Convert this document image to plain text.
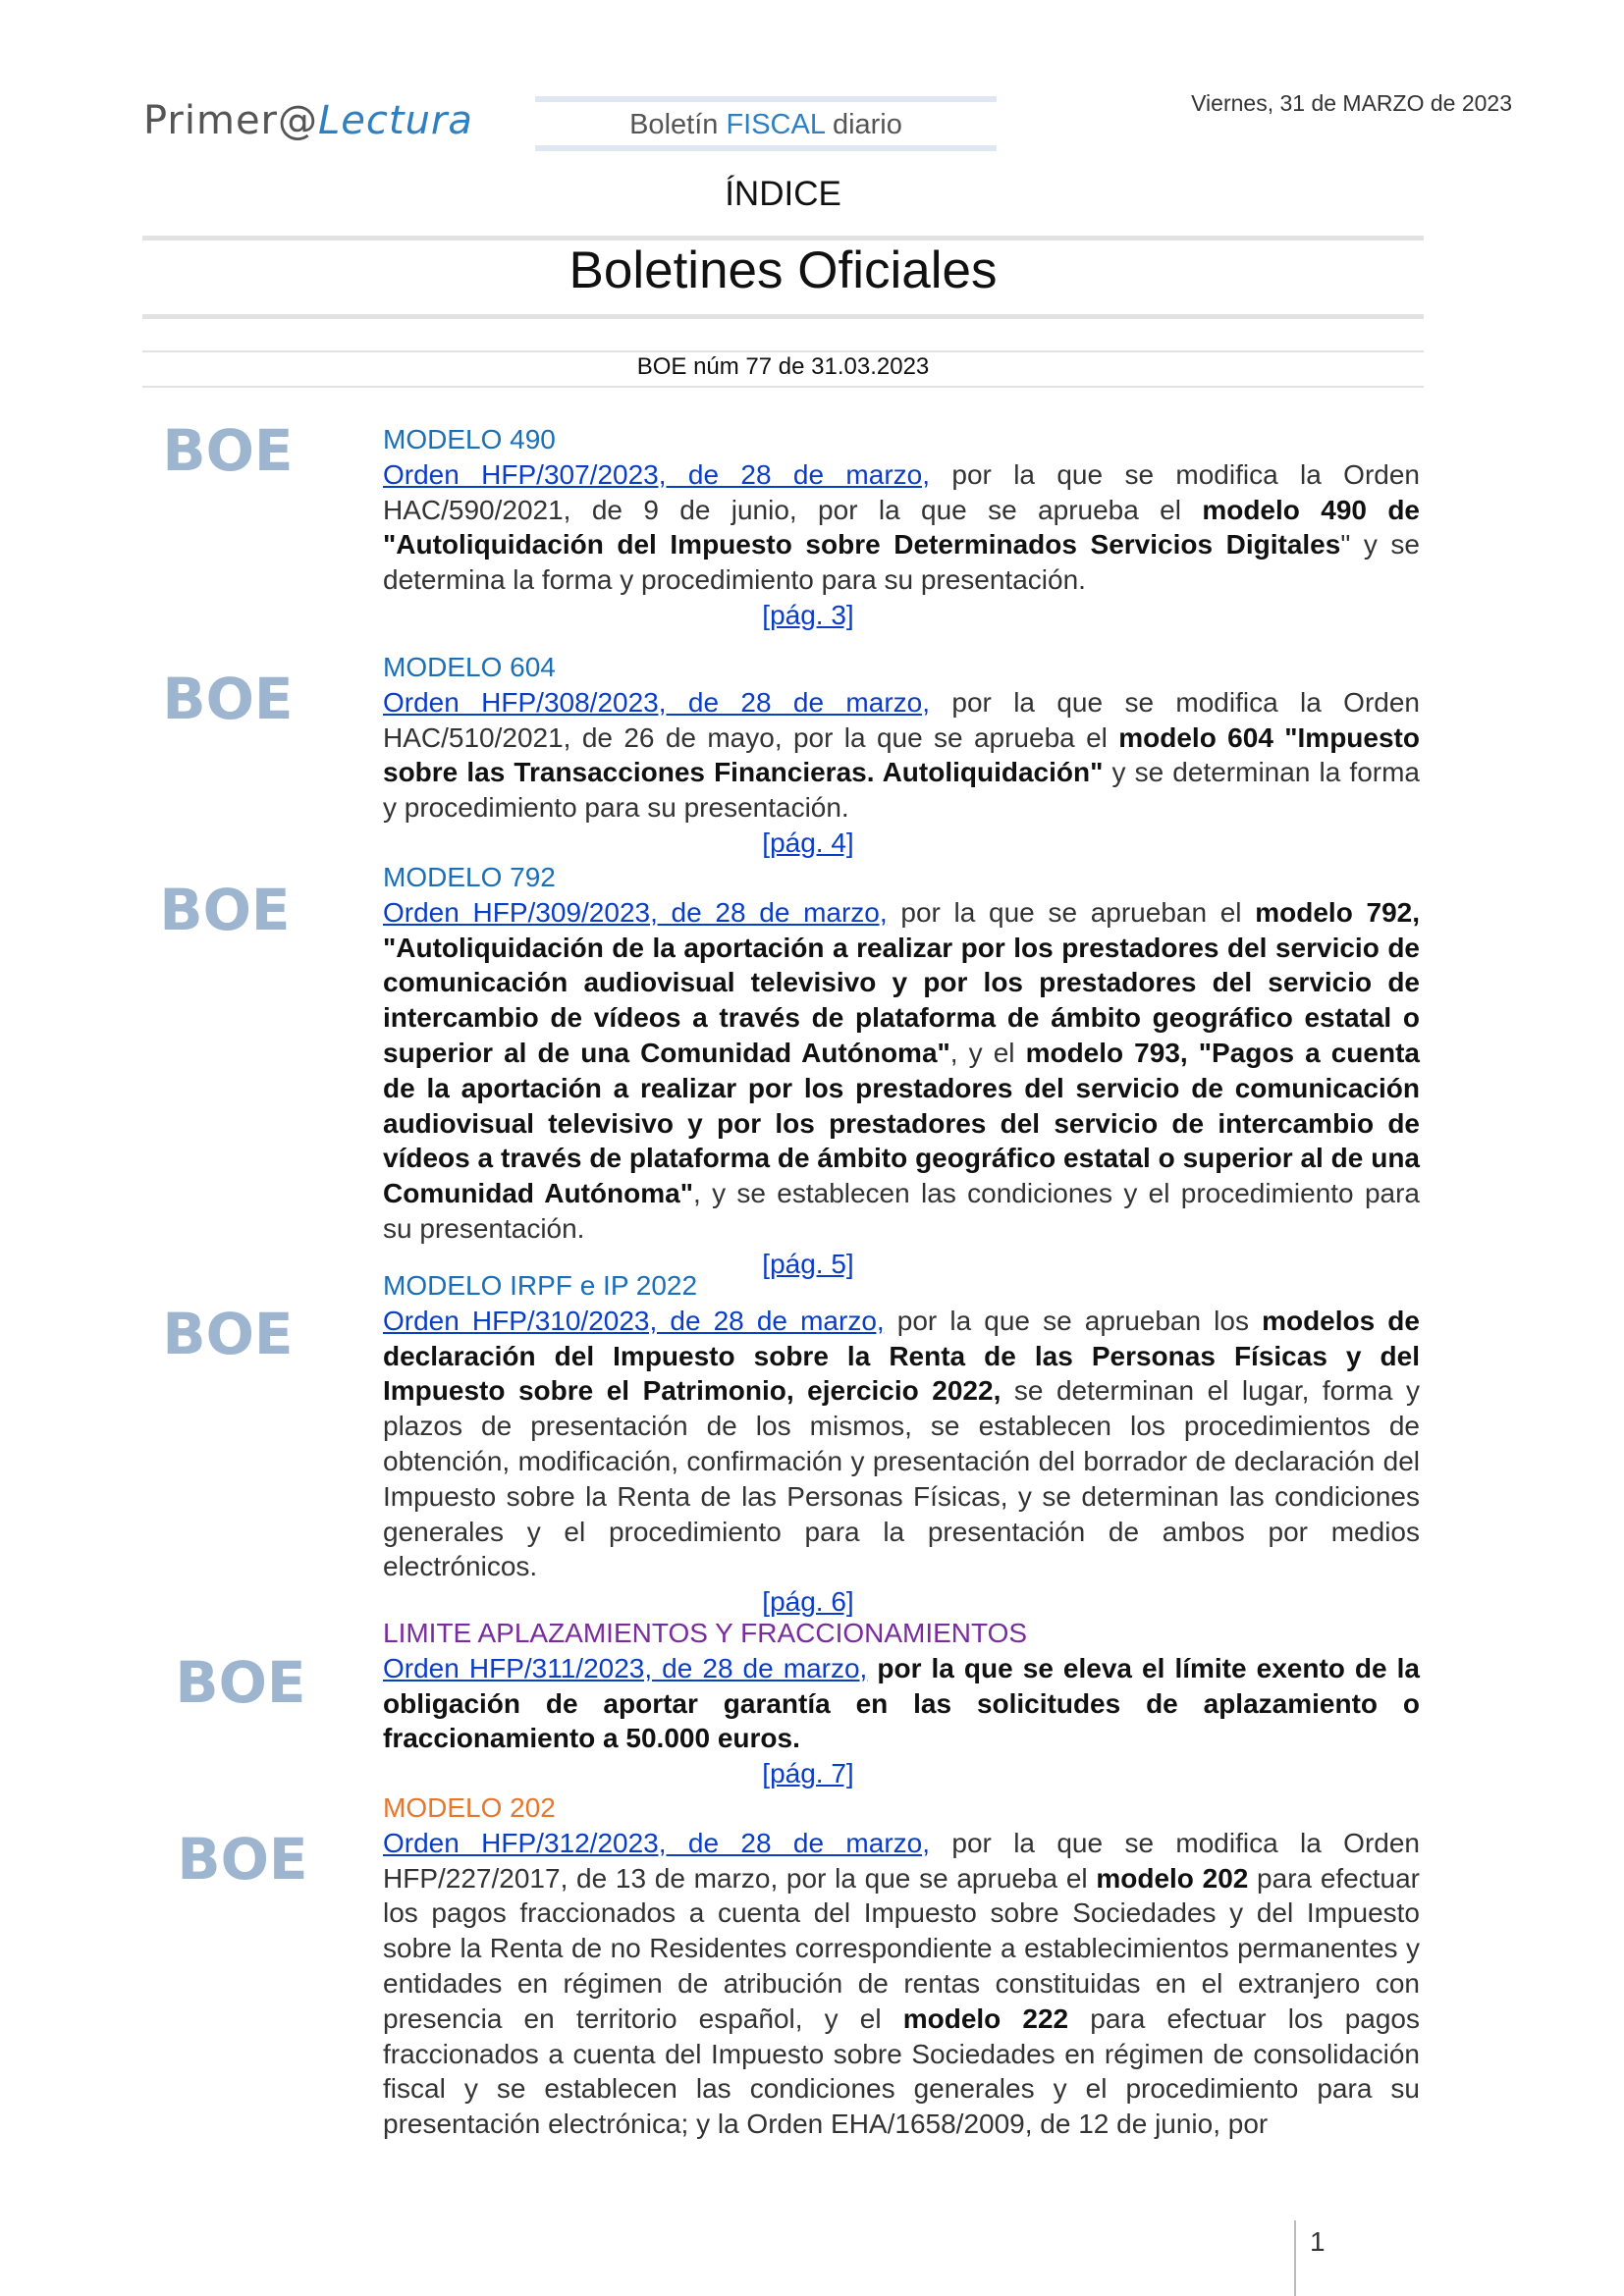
Primer@Lectura	Boletín FISCAL diario
Viernes, 31 de MARZO de 2023
ÍNDICE
Boletines Oficiales
BOE núm 77 de 31.03.2023
BOE
BOE
BOE
BOE
BOE
BOE
MODELO 490

Orden HFP/307/2023, de 28 de marzo, por la que se modifica la Orden HAC/590/2021, de 9 de junio, por la que se aprueba el modelo 490 de "Autoliquidación del Impuesto sobre Determinados Servicios Digitales" y se determina la forma y procedimiento para su presentación.

[pág. 3]
MODELO 604

Orden HFP/308/2023, de 28 de marzo, por la que se modifica la Orden HAC/510/2021, de 26 de mayo, por la que se aprueba el modelo 604 "Impuesto sobre las Transacciones Financieras. Autoliquidación" y se determinan la forma y procedimiento para su presentación.

[pág. 4]
MODELO 792

Orden HFP/309/2023, de 28 de marzo, por la que se aprueban el modelo 792, "Autoliquidación de la aportación a realizar por los prestadores del servicio de comunicación audiovisual televisivo y por los prestadores del servicio de intercambio de vídeos a través de plataforma de ámbito geográfico estatal o superior al de una Comunidad Autónoma", y el modelo 793, "Pagos a cuenta de la aportación a realizar por los prestadores del servicio de comunicación audiovisual televisivo y por los prestadores del servicio de intercambio de vídeos a través de plataforma de ámbito geográfico estatal o superior al de una Comunidad Autónoma", y se establecen las condiciones y el procedimiento para su presentación.

[pág. 5]
MODELO IRPF e IP 2022

Orden HFP/310/2023, de 28 de marzo, por la que se aprueban los modelos de declaración del Impuesto sobre la Renta de las Personas Físicas y del Impuesto sobre el Patrimonio, ejercicio 2022, se determinan el lugar, forma y plazos de presentación de los mismos, se establecen los procedimientos de obtención, modificación, confirmación y presentación del borrador de declaración del Impuesto sobre la Renta de las Personas Físicas, y se determinan las condiciones generales y el procedimiento para la presentación de ambos por medios electrónicos.

[pág. 6]
LIMITE APLAZAMIENTOS Y FRACCIONAMIENTOS

Orden HFP/311/2023, de 28 de marzo, por la que se eleva el límite exento de la obligación de aportar garantía en las solicitudes de aplazamiento o fraccionamiento a 50.000 euros.

[pág. 7]
MODELO 202

Orden HFP/312/2023, de 28 de marzo, por la que se modifica la Orden HFP/227/2017, de 13 de marzo, por la que se aprueba el modelo 202 para efectuar los pagos fraccionados a cuenta del Impuesto sobre Sociedades y del Impuesto sobre la Renta de no Residentes correspondiente a establecimientos permanentes y entidades en régimen de atribución de rentas constituidas en el extranjero con presencia en territorio español, y el modelo 222 para efectuar los pagos fraccionados a cuenta del Impuesto sobre Sociedades en régimen de consolidación fiscal y se establecen las condiciones generales y el procedimiento para su presentación electrónica; y la Orden EHA/1658/2009, de 12 de junio, por

1
